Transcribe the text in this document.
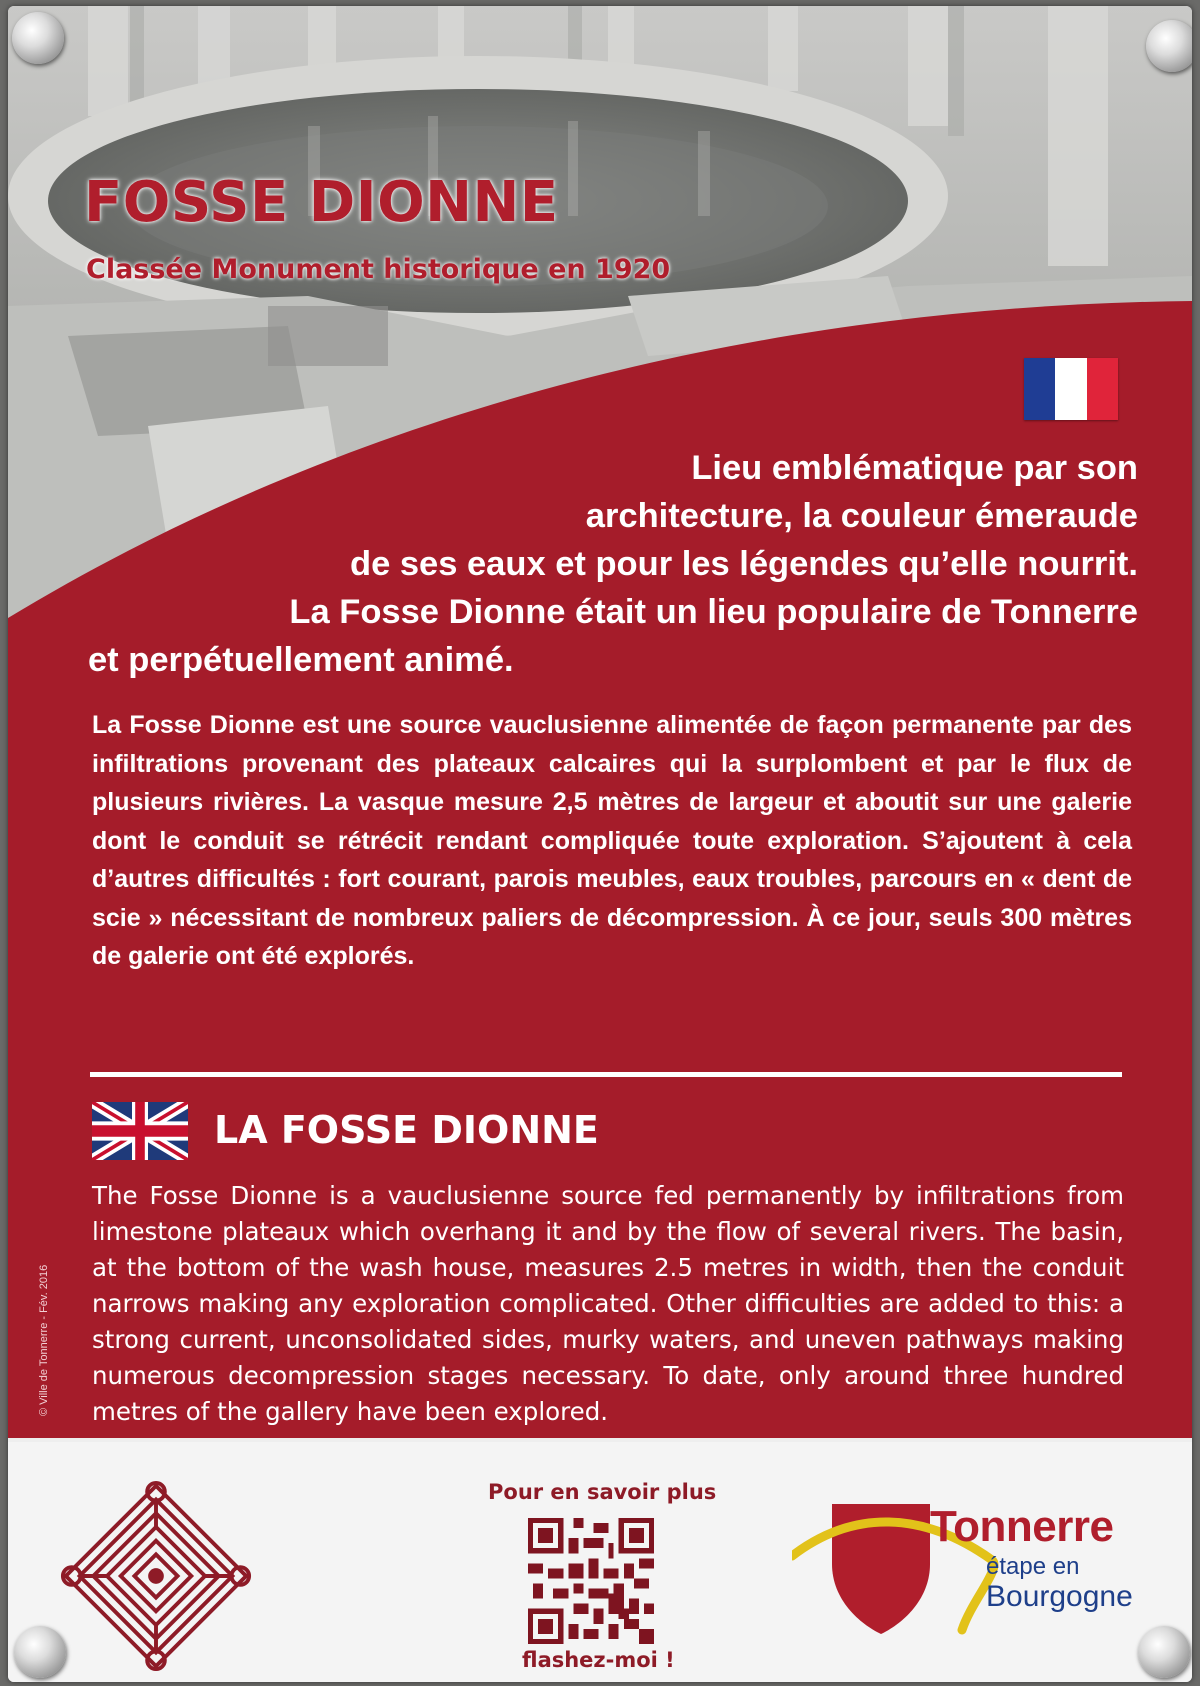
FOSSE DIONNE
Classée Monument historique en 1920

Lieu emblématique par son
architecture, la couleur émeraude
de ses eaux et pour les légendes qu’elle nourrit.
La Fosse Dionne était un lieu populaire de Tonnerre
et perpétuellement animé.

La Fosse Dionne est une source vauclusienne alimentée de façon permanente par des infiltrations provenant des plateaux calcaires qui la surplombent et par le flux de plusieurs rivières. La vasque mesure 2,5 mètres de largeur et aboutit sur une galerie dont le conduit se rétrécit rendant compliquée toute exploration. S’ajoutent à cela d’autres difficultés : fort courant, parois meubles, eaux troubles, parcours en « dent de scie » nécessitant de nombreux paliers de décompression. À ce jour, seuls 300 mètres de galerie ont été explorés.

LA FOSSE DIONNE

The Fosse Dionne is a vauclusienne source fed permanently by infiltrations from limestone plateaux which overhang it and by the flow of several rivers. The basin, at the bottom of the wash house, measures 2.5 metres in width, then the conduit narrows making any exploration complicated. Other difficulties are added to this: a strong current, unconsolidated sides, murky waters, and uneven pathways making numerous decompression stages necessary. To date, only around three hundred metres of the gallery have been explored.

© Ville de Tonnerre - Fév. 2016

Pour en savoir plus

flashez-moi !

Tonnerre

étape en

Bourgogne
